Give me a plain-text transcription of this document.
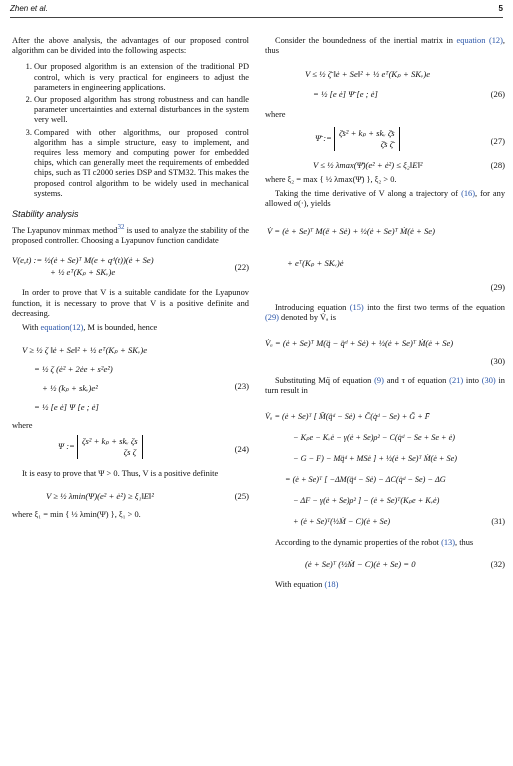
Zhen et al.	5

After the above analysis, the advantages of our proposed control algorithm can be divided into the following aspects:

1. Our proposed algorithm is an extension of the traditional PD control, which is very practical for engineers to adjust the parameters in engineering applications.
2. Our proposed algorithm has strong robustness and can handle parameter uncertainties and external disturbances in the system very well.
3. Compared with other algorithms, our proposed control algorithm has a simple structure, easy to implement, and requires less memory and computing power for embedded chips, which can generally meet the requirements of embedded chips, such as TI c2000 series DSP and STM32. This makes the proposed control algorithm to be widely used in mechanical systems.
Stability analysis

The Lyapunov minmax method$^{32}$ is used to analyze the stability of the proposed controller. Choosing a Lyapunov function candidate

V(e,t) := ½(ė + Se)ᵀ M(e + qᵈ(t))(ė + Se)
+ ½ eᵀ(Kₚ + SKᵥ)e	(22)

In order to prove that V is a suitable candidate for the Lyapunov function, it is necessary to prove that V is a positive definite and decreasing.

With equation(12), M is bounded, hence

V ≥ ½ ζ ‖ė + Se‖² + ½ eᵀ(Kₚ + SKᵥ)e
= ½ ζ (ė² + 2ėe + s²e²)
+ ½ (kₚ + skᵥ)e²
= ½ [e ė] Ψ [e ; ė]
(23)

where

Ψ := ζs² + kₚ + skᵥ ζs
ζs ζ	(24)

It is easy to prove that Ψ > 0. Thus, V is a positive definite

V ≥ ½ λmin(Ψ)(e² + ė²) ≥ ξ₁‖E‖²	(25)

where ξ₁ = min { ½ λmin(Ψ) }, ξ₁ > 0.

Consider the boundedness of the inertial matrix in equation (12), thus

V ≤ ½ ζ̄ ‖ė + Se‖² + ½ eᵀ(Kₚ + SKᵥ)e
= ½ [e ė] Ψ̄ [e ; ė]	(26)

where

Ψ̄ := ζ̄s² + kₚ + skᵥ ζ̄s
ζ̄s ζ̄	(27)
V ≤ ½ λmax(Ψ̄)(e² + ė²) ≤ ξ₂‖E‖²	(28)

where ξ₂ = max { ½ λmax(Ψ̄) }, ξ₂ > 0.

Taking the time derivative of V along a trajectory of (16), for any allowed σ(·), yields

V̇ = (ė + Se)ᵀ M(ë + Sė) + ½(ė + Se)ᵀ Ṁ(ė + Se)
+ eᵀ(Kₚ + SKᵥ)ė
(29)

Introducing equation (15) into the first two terms of the equation (29) denoted by V̇ₐ is

V̇ₐ = (ė + Se)ᵀ M(q̈ − q̈ᵈ + Sė) + ½(ė + Se)ᵀ Ṁ(ė + Se)
(30)

Substituting Mq̈ of equation (9) and τ of equation (21) into (30) in turn result in

V̇ₐ = (ė + Se)ᵀ [ M̄(q̈ᵈ − Sė) + C̄(q̇ᵈ − Se) + Ḡ + F̄
− Kₚe − Kᵥė − γ(ė + Se)ρ² − C(q̇ᵈ − Se + Se + ė)
− G − F) − Mq̈ᵈ + MSė ] + ½(ė + Se)ᵀ Ṁ(ė + Se)
= (ė + Se)ᵀ [ −ΔM(q̈ᵈ − Sė) − ΔC(q̇ᵈ − Se) − ΔG
− ΔF − γ(ė + Se)ρ² ] − (ė + Se)ᵀ(Kₚe + Kᵥė)
+ (ė + Se)ᵀ(½Ṁ − C)(ė + Se)	(31)

According to the dynamic properties of the robot (13), thus

(ė + Se)ᵀ (½Ṁ − C)(ė + Se) = 0	(32)

With equation (18)
